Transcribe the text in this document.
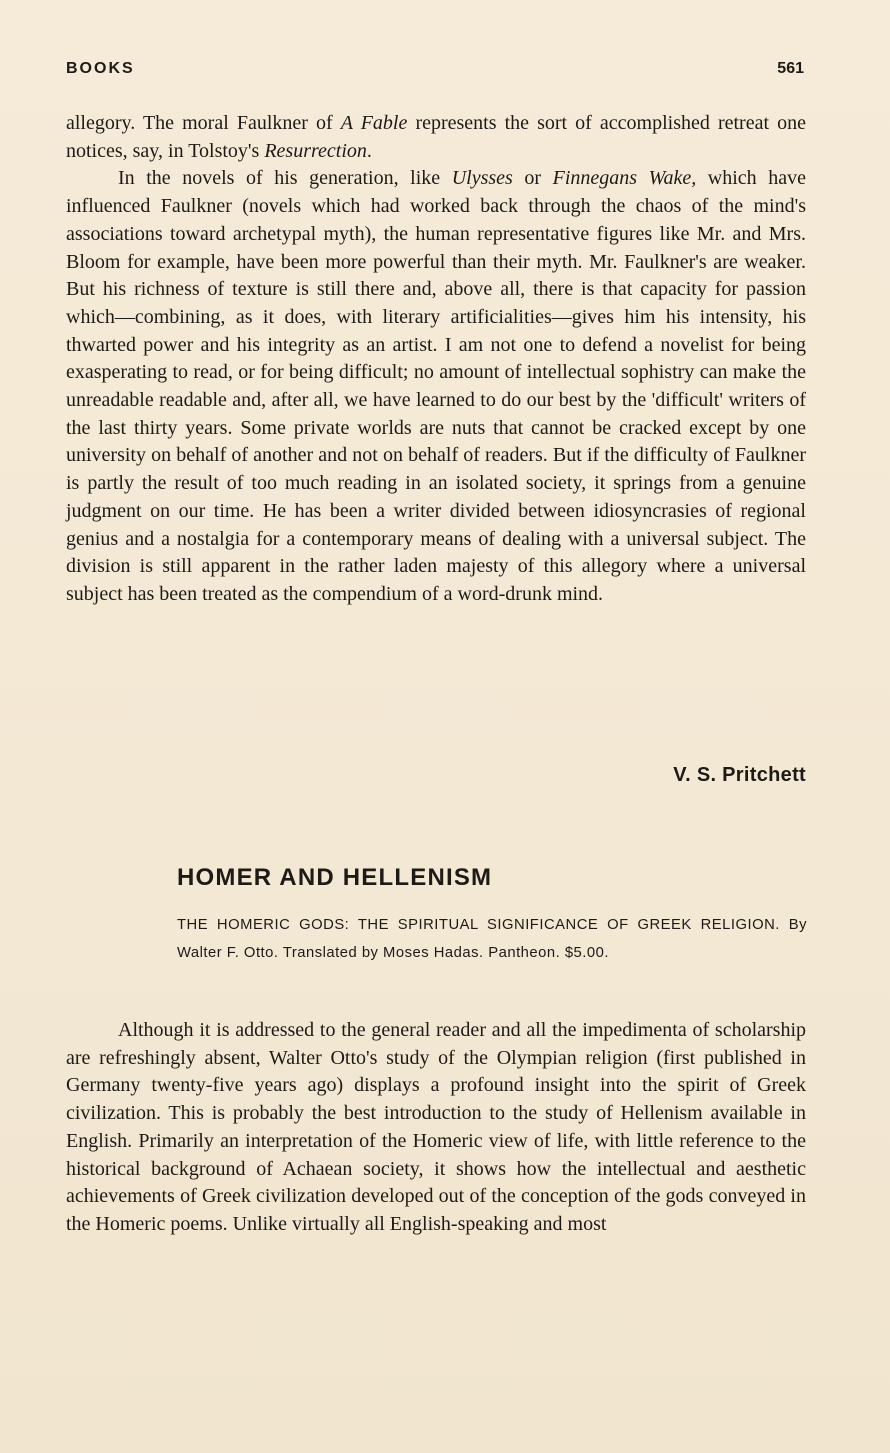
BOOKS	561

allegory. The moral Faulkner of A Fable represents the sort of accomplished retreat one notices, say, in Tolstoy's Resurrection.

In the novels of his generation, like Ulysses or Finnegans Wake, which have influenced Faulkner (novels which had worked back through the chaos of the mind's associations toward archetypal myth), the human representative figures like Mr. and Mrs. Bloom for example, have been more powerful than their myth. Mr. Faulkner's are weaker. But his richness of texture is still there and, above all, there is that capacity for passion which—combining, as it does, with literary artificialities—gives him his intensity, his thwarted power and his integrity as an artist. I am not one to defend a novelist for being exasperating to read, or for being difficult; no amount of intellectual sophistry can make the unreadable readable and, after all, we have learned to do our best by the 'difficult' writers of the last thirty years. Some private worlds are nuts that cannot be cracked except by one university on behalf of another and not on behalf of readers. But if the difficulty of Faulkner is partly the result of too much reading in an isolated society, it springs from a genuine judgment on our time. He has been a writer divided between idiosyncrasies of regional genius and a nostalgia for a contemporary means of dealing with a universal subject. The division is still apparent in the rather laden majesty of this allegory where a universal subject has been treated as the compendium of a word-drunk mind.

V. S. Pritchett
HOMER AND HELLENISM
THE HOMERIC GODS: THE SPIRITUAL SIGNIFICANCE OF GREEK RELIGION. By Walter F. Otto. Translated by Moses Hadas. Pantheon. $5.00.

Although it is addressed to the general reader and all the impedimenta of scholarship are refreshingly absent, Walter Otto's study of the Olympian religion (first published in Germany twenty-five years ago) displays a profound insight into the spirit of Greek civilization. This is probably the best introduction to the study of Hellenism available in English. Primarily an interpretation of the Homeric view of life, with little reference to the historical background of Achaean society, it shows how the intellectual and aesthetic achievements of Greek civilization developed out of the conception of the gods conveyed in the Homeric poems. Unlike virtually all English-speaking and most
